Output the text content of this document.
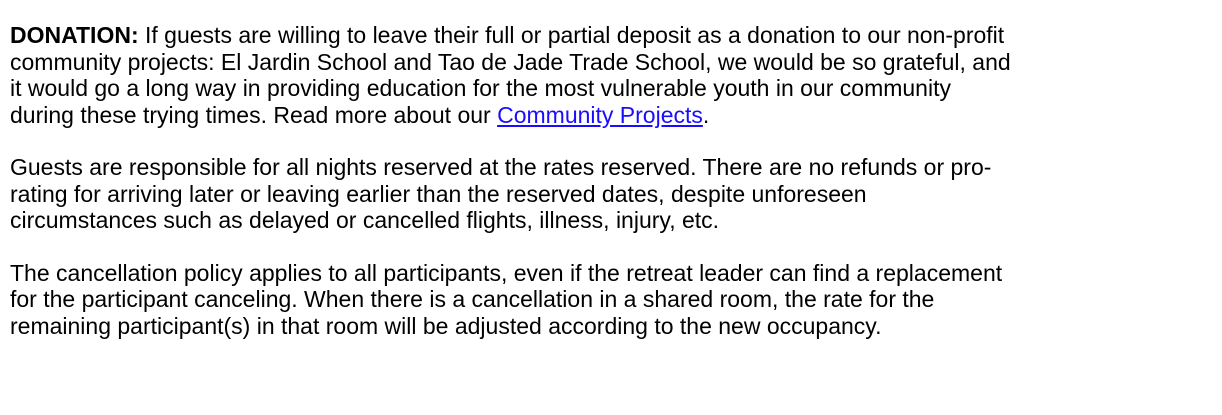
DONATION: If guests are willing to leave their full or partial deposit as a donation to our non-profit
community projects: El Jardin School and Tao de Jade Trade School, we would be so grateful, and
it would go a long way in providing education for the most vulnerable youth in our community
during these trying times. Read more about our Community Projects.

Guests are responsible for all nights reserved at the rates reserved. There are no refunds or pro-
rating for arriving later or leaving earlier than the reserved dates, despite unforeseen
circumstances such as delayed or cancelled flights, illness, injury, etc.

The cancellation policy applies to all participants, even if the retreat leader can find a replacement
for the participant canceling. When there is a cancellation in a shared room, the rate for the
remaining participant(s) in that room will be adjusted according to the new occupancy.
